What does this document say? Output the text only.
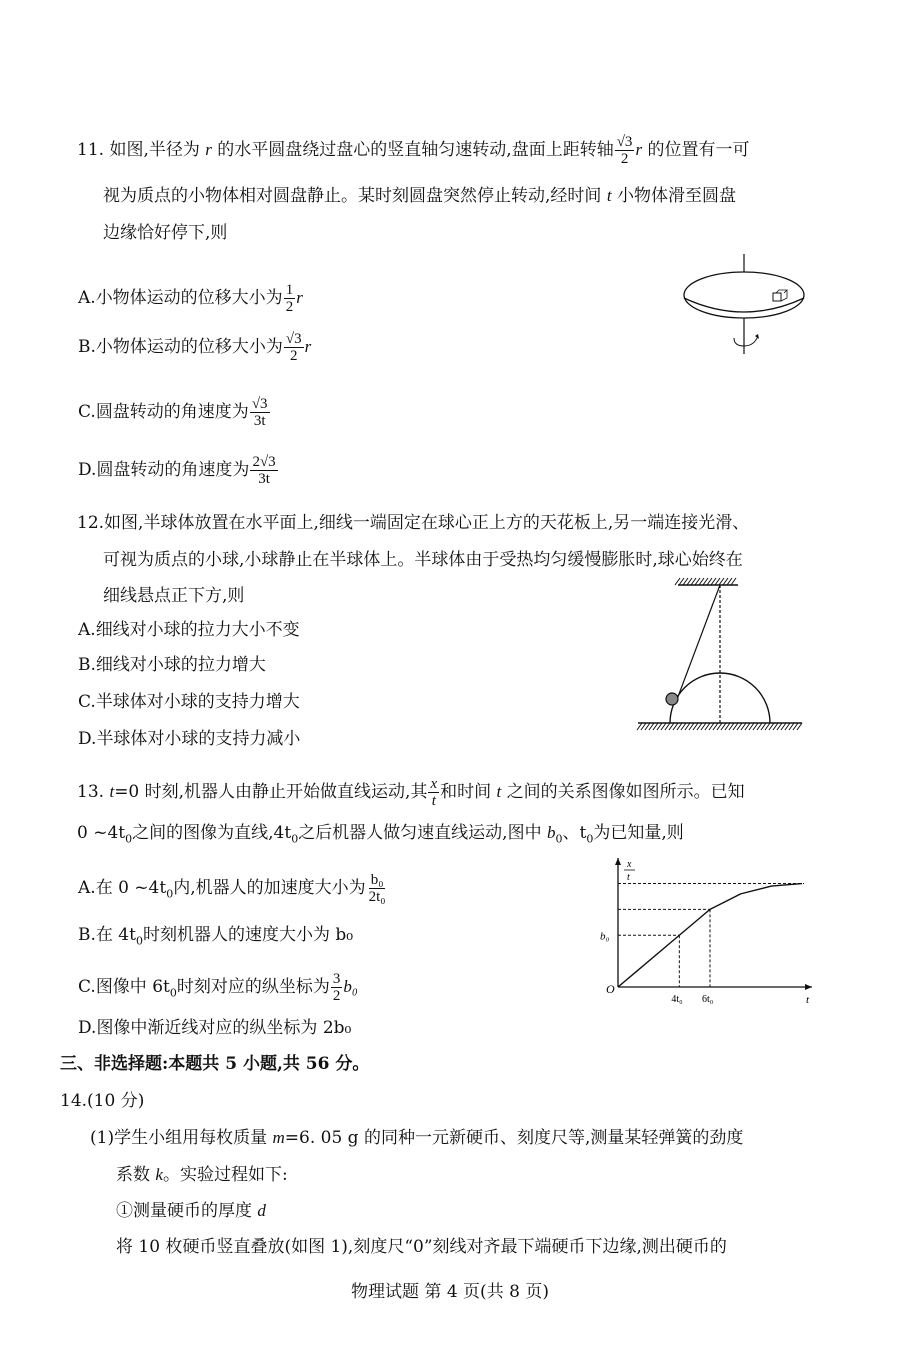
11. 如图,半径为 r 的水平圆盘绕过盘心的竖直轴匀速转动,盘面上距转轴 $\frac{√3}{2}$ r 的位置有一可
视为质点的小物体相对圆盘静止。某时刻圆盘突然停止转动,经时间 t 小物体滑至圆盘
边缘恰好停下,则
A.小物体运动的位移大小为 $\frac{1}{2}$ r
B.小物体运动的位移大小为 $\frac{√3}{2}$ r
C.圆盘转动的角速度为 $\frac{√3}{3t}$
D.圆盘转动的角速度为 $\frac{2√3}{3t}$
12.如图,半球体放置在水平面上,细线一端固定在球心正上方的天花板上,另一端连接光滑、
可视为质点的小球,小球静止在半球体上。半球体由于受热均匀缓慢膨胀时,球心始终在
细线悬点正下方,则
A.细线对小球的拉力大小不变
B.细线对小球的拉力增大
C.半球体对小球的支持力增大
D.半球体对小球的支持力减小
13. t=0 时刻,机器人由静止开始做直线运动,其 $\frac{x}{t}$ 和时间 t 之间的关系图像如图所示。已知
0 $\sim 4t_0$之间的图像为直线$,4t_0$之后机器人做匀速直线运动,图中 $b_0$、$t_0$为已知量,则
A.在 0 $\sim 4t_0$内,机器人的加速度大小为 $\frac{\text{b₀}}{\text{2t₀}}$
B.在 $4t_0$时刻机器人的速度大小为 b₀
C.图像中 $6t_0$时刻对应的纵坐标为 $\frac{3}{2} b_0$
D.图像中渐近线对应的纵坐标为 2b₀
x
t
t
O
4t₀ 6t₀
b₀
三、非选择题:本题共 5 小题,共 56 分。
14.(10 分)
(1)学生小组用每枚质量 m=6. 05 g 的同种一元新硬币、刻度尺等,测量某轻弹簧的劲度
系数 k。实验过程如下:
①测量硬币的厚度 d
将 10 枚硬币竖直叠放(如图 1),刻度尺“0”刻线对齐最下端硬币下边缘,测出硬币的
物理试题 第 4 页(共 8 页)
